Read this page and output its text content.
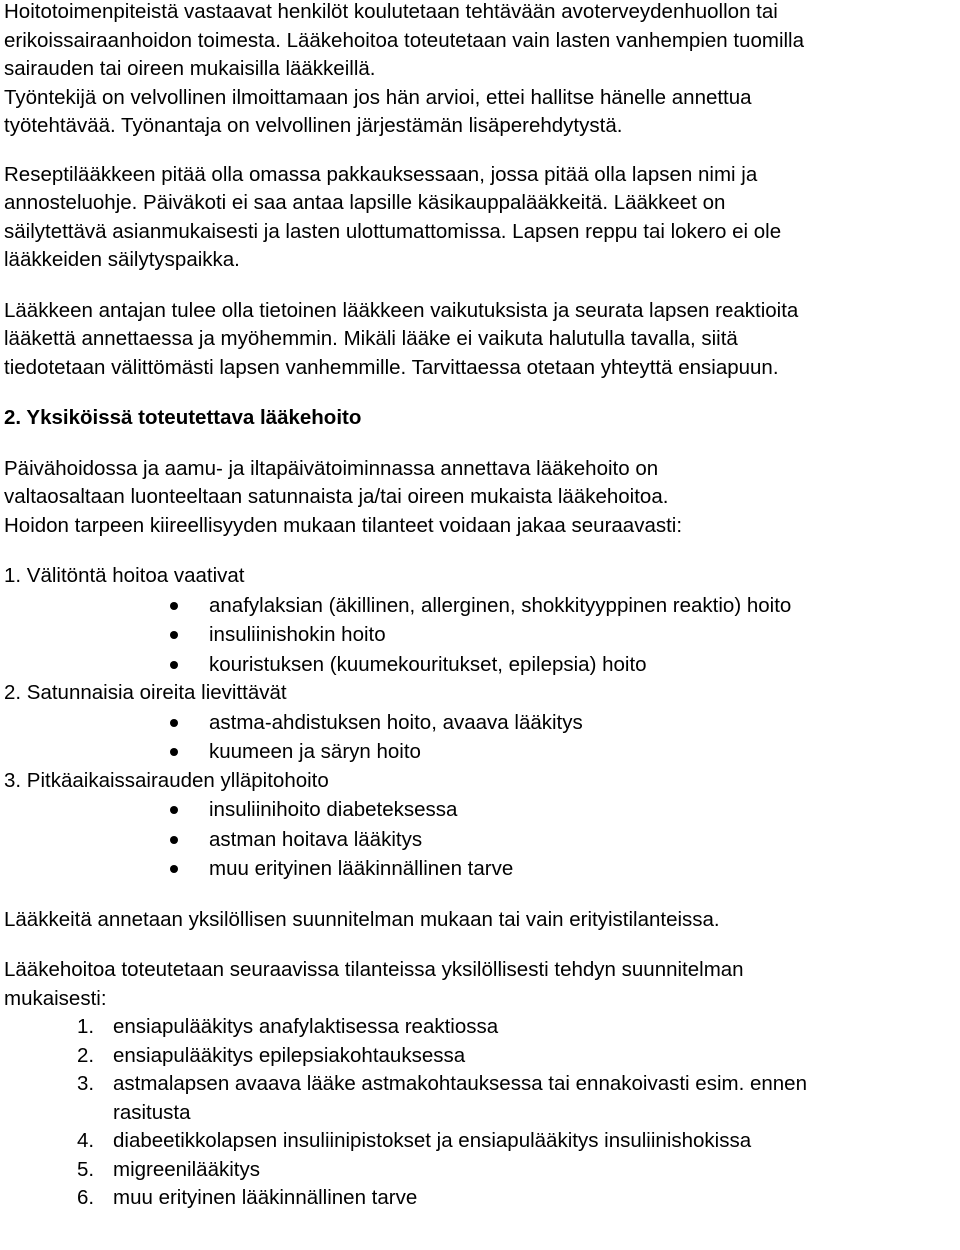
Hoitotoimenpiteistä vastaavat henkilöt koulutetaan tehtävään avoterveydenhuollon tai
erikoissairaanhoidon toimesta. Lääkehoitoa toteutetaan vain lasten vanhempien tuomilla
sairauden tai oireen mukaisilla lääkkeillä.
Työntekijä on velvollinen ilmoittamaan jos hän arvioi, ettei hallitse hänelle annettua
työtehtävää. Työnantaja on velvollinen järjestämän lisäperehdytystä.

Reseptilääkkeen pitää olla omassa pakkauksessaan, jossa pitää olla lapsen nimi ja
annosteluohje. Päiväkoti ei saa antaa lapsille käsikauppalääkkeitä. Lääkkeet on
säilytettävä asianmukaisesti ja lasten ulottumattomissa. Lapsen reppu tai lokero ei ole
lääkkeiden säilytyspaikka.

Lääkkeen antajan tulee olla tietoinen lääkkeen vaikutuksista ja seurata lapsen reaktioita
lääkettä annettaessa ja myöhemmin. Mikäli lääke ei vaikuta halutulla tavalla, siitä
tiedotetaan välittömästi lapsen vanhemmille. Tarvittaessa otetaan yhteyttä ensiapuun.

2. Yksiköissä toteutettava lääkehoito

Päivähoidossa ja aamu- ja iltapäivätoiminnassa annettava lääkehoito on
valtaosaltaan luonteeltaan satunnaista ja/tai oireen mukaista lääkehoitoa.
Hoidon tarpeen kiireellisyyden mukaan tilanteet voidaan jakaa seuraavasti:

1. Välitöntä hoitoa vaativat

anafylaksian (äkillinen, allerginen, shokkityyppinen reaktio) hoito
insuliinishokin hoito
kouristuksen (kuumekouritukset, epilepsia) hoito

2. Satunnaisia oireita lievittävät

astma-ahdistuksen hoito, avaava lääkitys
kuumeen ja säryn hoito

3. Pitkäaikaissairauden ylläpitohoito

insuliinihoito diabeteksessa
astman hoitava lääkitys
muu erityinen lääkinnällinen tarve

Lääkkeitä annetaan yksilöllisen suunnitelman mukaan tai vain erityistilanteissa.

Lääkehoitoa toteutetaan seuraavissa tilanteissa yksilöllisesti tehdyn suunnitelman
mukaisesti:

1. ensiapulääkitys anafylaktisessa reaktiossa
2. ensiapulääkitys epilepsiakohtauksessa
3. astmalapsen avaava lääke astmakohtauksessa tai ennakoivasti esim. ennen
rasitusta
4. diabeetikkolapsen insuliinipistokset ja ensiapulääkitys insuliinishokissa
5. migreenilääkitys
6. muu erityinen lääkinnällinen tarve
